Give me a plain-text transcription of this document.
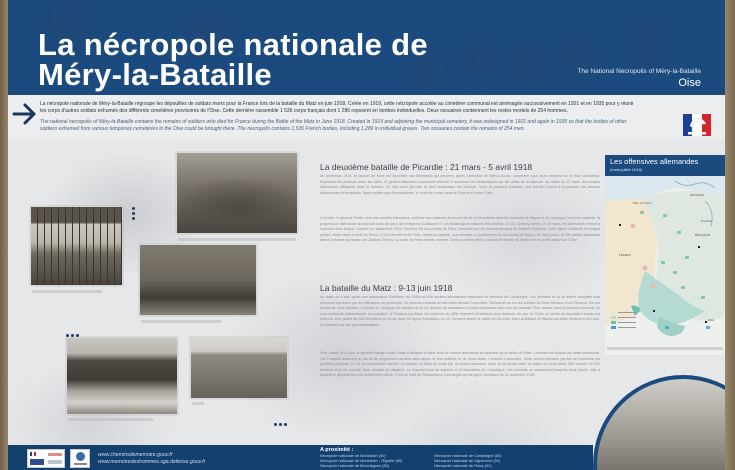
La nécropole nationale de
Méry-la-Bataille	The National Necropolis of Méry-la-Bataille
Oise
La nécropole nationale de Méry-la-Bataille regroupe les dépouilles de soldats morts pour la France lors de la bataille du Matz en juin 1918. Créée en 1919, cette nécropole accolée au cimetière communal est aménagée successivement en 1921 et en 1935 pour y réunir les corps d'autres soldats exhumés des différents cimetières provisoires de l'Oise. Cette dernière rassemble 1 536 corps français dont 1 286 reposent en tombes individuelles. Deux ossuaires contiennent les restes mortels de 254 hommes.
The national necropolis of Méry-la-Bataille contains the remains of soldiers who died for France during the Battle of the Matz in June 1918. Created in 1919 and adjoining the municipal cemetery, it was redesigned in 1921 and again in 1935 so that the bodies of other soldiers exhumed from various temporary cemeteries in the Oise could be brought there. The necropolis contains 1,536 French bodies, including 1,286 in individual graves. Two ossuaries contain the remains of 254 men.
La deuxième bataille de Picardie : 21 mars - 5 avril 1918
Au printemps 1918, le rapport de force est favorable aux Allemands qui peuvent, après l'armistice de Brest-Litovsk, concentrer tous leurs moyens sur le front occidental. Exploitant les divisions entre les Alliés, le général allemand Ludendorff cherche à repousser les Britanniques sur les côtes de la Manche. Au matin du 21 mars, les troupes allemandes attaquent dans la Somme. En une seule journée, le front britannique est enfoncé. Sous la pression ennemie, une brèche s'ouvre à la jonction des armées britanniques et françaises. Après quatre ans d'immobilisme, le front est rompu dans la Somme et dans l'Oise.
À la hâte, le général Pétain, chef des armées françaises, mobilise ses réserves et envoie les 3e et 5e armées dans les secteurs de Noyon et de Lassigny. Les jours suivants, la progression allemande se poursuit sous les yeux de l'empereur Guillaume II. Les Britanniques refluent vers Amiens. Le 24, Chauny tombe. Le 25 mars, les Allemands entrent à nouveau dans Noyon. Comme en septembre 1914, l'ennemi est aux portes de Paris, menacée par les bombardements du Pariser Kanonen. Cette pièce d'artillerie de longue portée, située dans la forêt de Pinon, à 120 kilomètres de Paris, atteint la capitale. Les combats se poursuivent au sud-ouest de Noyon. En deux jours, la VIIe armée allemande atteint la Marne au niveau de Château-Thierry. La route de Paris semble ouverte. Dans un ultime effort, Ludendorff décide de porter une nouvelle action sur l'Oise.
La bataille du Matz : 9-13 juin 1918
Au matin du 9 juin, après une préparation d'artillerie, les XVIIIe et VIIe armées allemandes s'élancent en direction de Compiègne. Les hommes de la 3e armée française sont durement éprouvés par les offensives du printemps. De violents combats se déroulent devant Courcelles, Thiescourt ou sur les collines du Mont-Renaud et du Piémont. Sur les pentes de cette dernière, à l'ouest de Lassigny, les troupes de la 1re division de cuirassiers à pieds repoussent avec brio les assauts. Pour autant, sous la pression ennemie, ils sont contraints d'abandonner leur position. À Ressons-sur-Matz, les hommes du 289e régiment d'infanterie sont décimés. Au soir du 9 juin, le centre du dispositif français est enfoncé. Une poche de huit kilomètres se forme dans les lignes françaises. Le 10, l'ennemi atteint la vallée de l'Aronde. Méry-la-Bataille et Marest-sur-Matz tombent à leur tour. La situation est des plus dramatiques.
Pour autant, le 11 juin, le général Mangin reçoit l'ordre d'attaquer le flanc droit de l'armée allemande en direction de la vallée du Matz. L'ennemi est surpris par cette manœuvre. Les Français avancent si vite qu'ils progressent au-delà sans appui de leur artillerie et de leurs chars. L'ennemi s'accroche. Cette contre-offensive permet de reprendre les positions perdues. Le 13, le mouvement s'arrête. La bataille du Matz se solde par un échec allemand. Mais, la 3e armée vient de payer un lourd tribut. Elle compte 40 000 hommes hors de combat, tués, blessés ou disparus. Le nouveau front se stabilise à 10 kilomètres de Compiègne. Les combats se poursuivent jusqu'au mois d'août, date à laquelle le département est entièrement libéré. C'est en forêt de Rethondes à Compiègne qu'est signé l'armistice du 11 novembre 1918.
Les offensives allemandes
(mars-juillet 1918)
Mer du Nord
PAYS-BAS
BELGIQUE
FRANCE
Bruxelles
Paris
www.cheminsdememoire.gouv.fr
www.memoiredeshommes.sga.defense.gouv.fr
A proximité :
Nécropole nationale de Montdidier (80)
Nécropole nationale de Montdidier - l'Égalité (80)
Nécropole nationale de Beuvraignes (80)
Nécropole nationale de Compiègne (60)
Nécropole nationale de Vignemont (60)
Nécropole nationale de Roiny (60)
